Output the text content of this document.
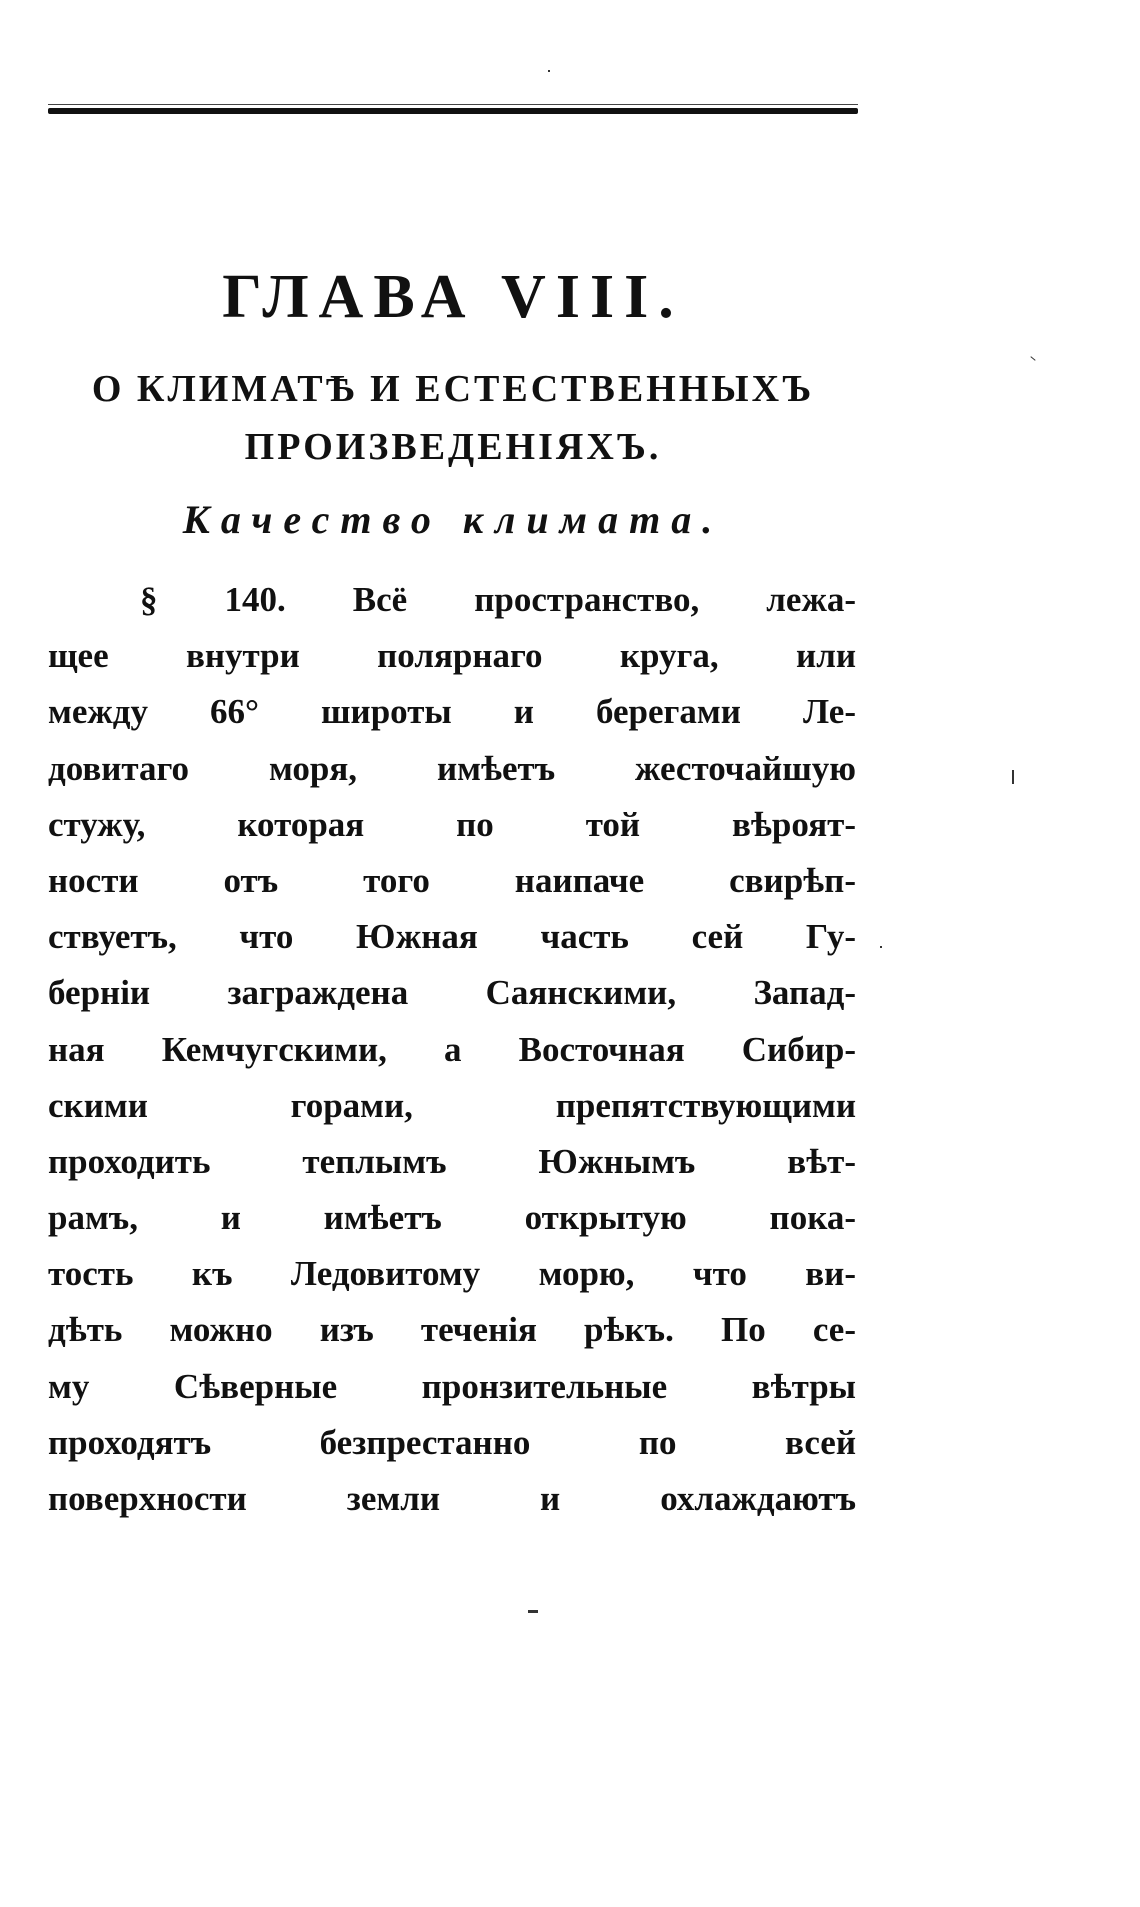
ГЛАВА VIII.
О КЛИМАТѢ И ЕСТЕСТВЕННЫХЪ
ПРОИЗВЕДЕНІЯХЪ.
Качество климата.
§ 140. Всё пространство, лежа-
щее внутри полярнаго круга, или
между 66° широты и берегами Ле-
довитаго моря, имѣетъ жесточайшую
стужу, которая по той вѣроят-
ности отъ того наипаче свирѣп-
ствуетъ, что Южная часть сей Гу-
берніи заграждена Саянскими, Запад-
ная Кемчугскими, а Восточная Сибир-
скими горами, препятствующими
проходить теплымъ Южнымъ вѣт-
рамъ, и имѣетъ открытую пока-
тость къ Ледовитому морю, что ви-
дѣть можно изъ теченія рѣкъ. По се-
му Сѣверные пронзительные вѣтры
проходятъ безпрестанно по всей
поверхности земли и охлаждаютъ
